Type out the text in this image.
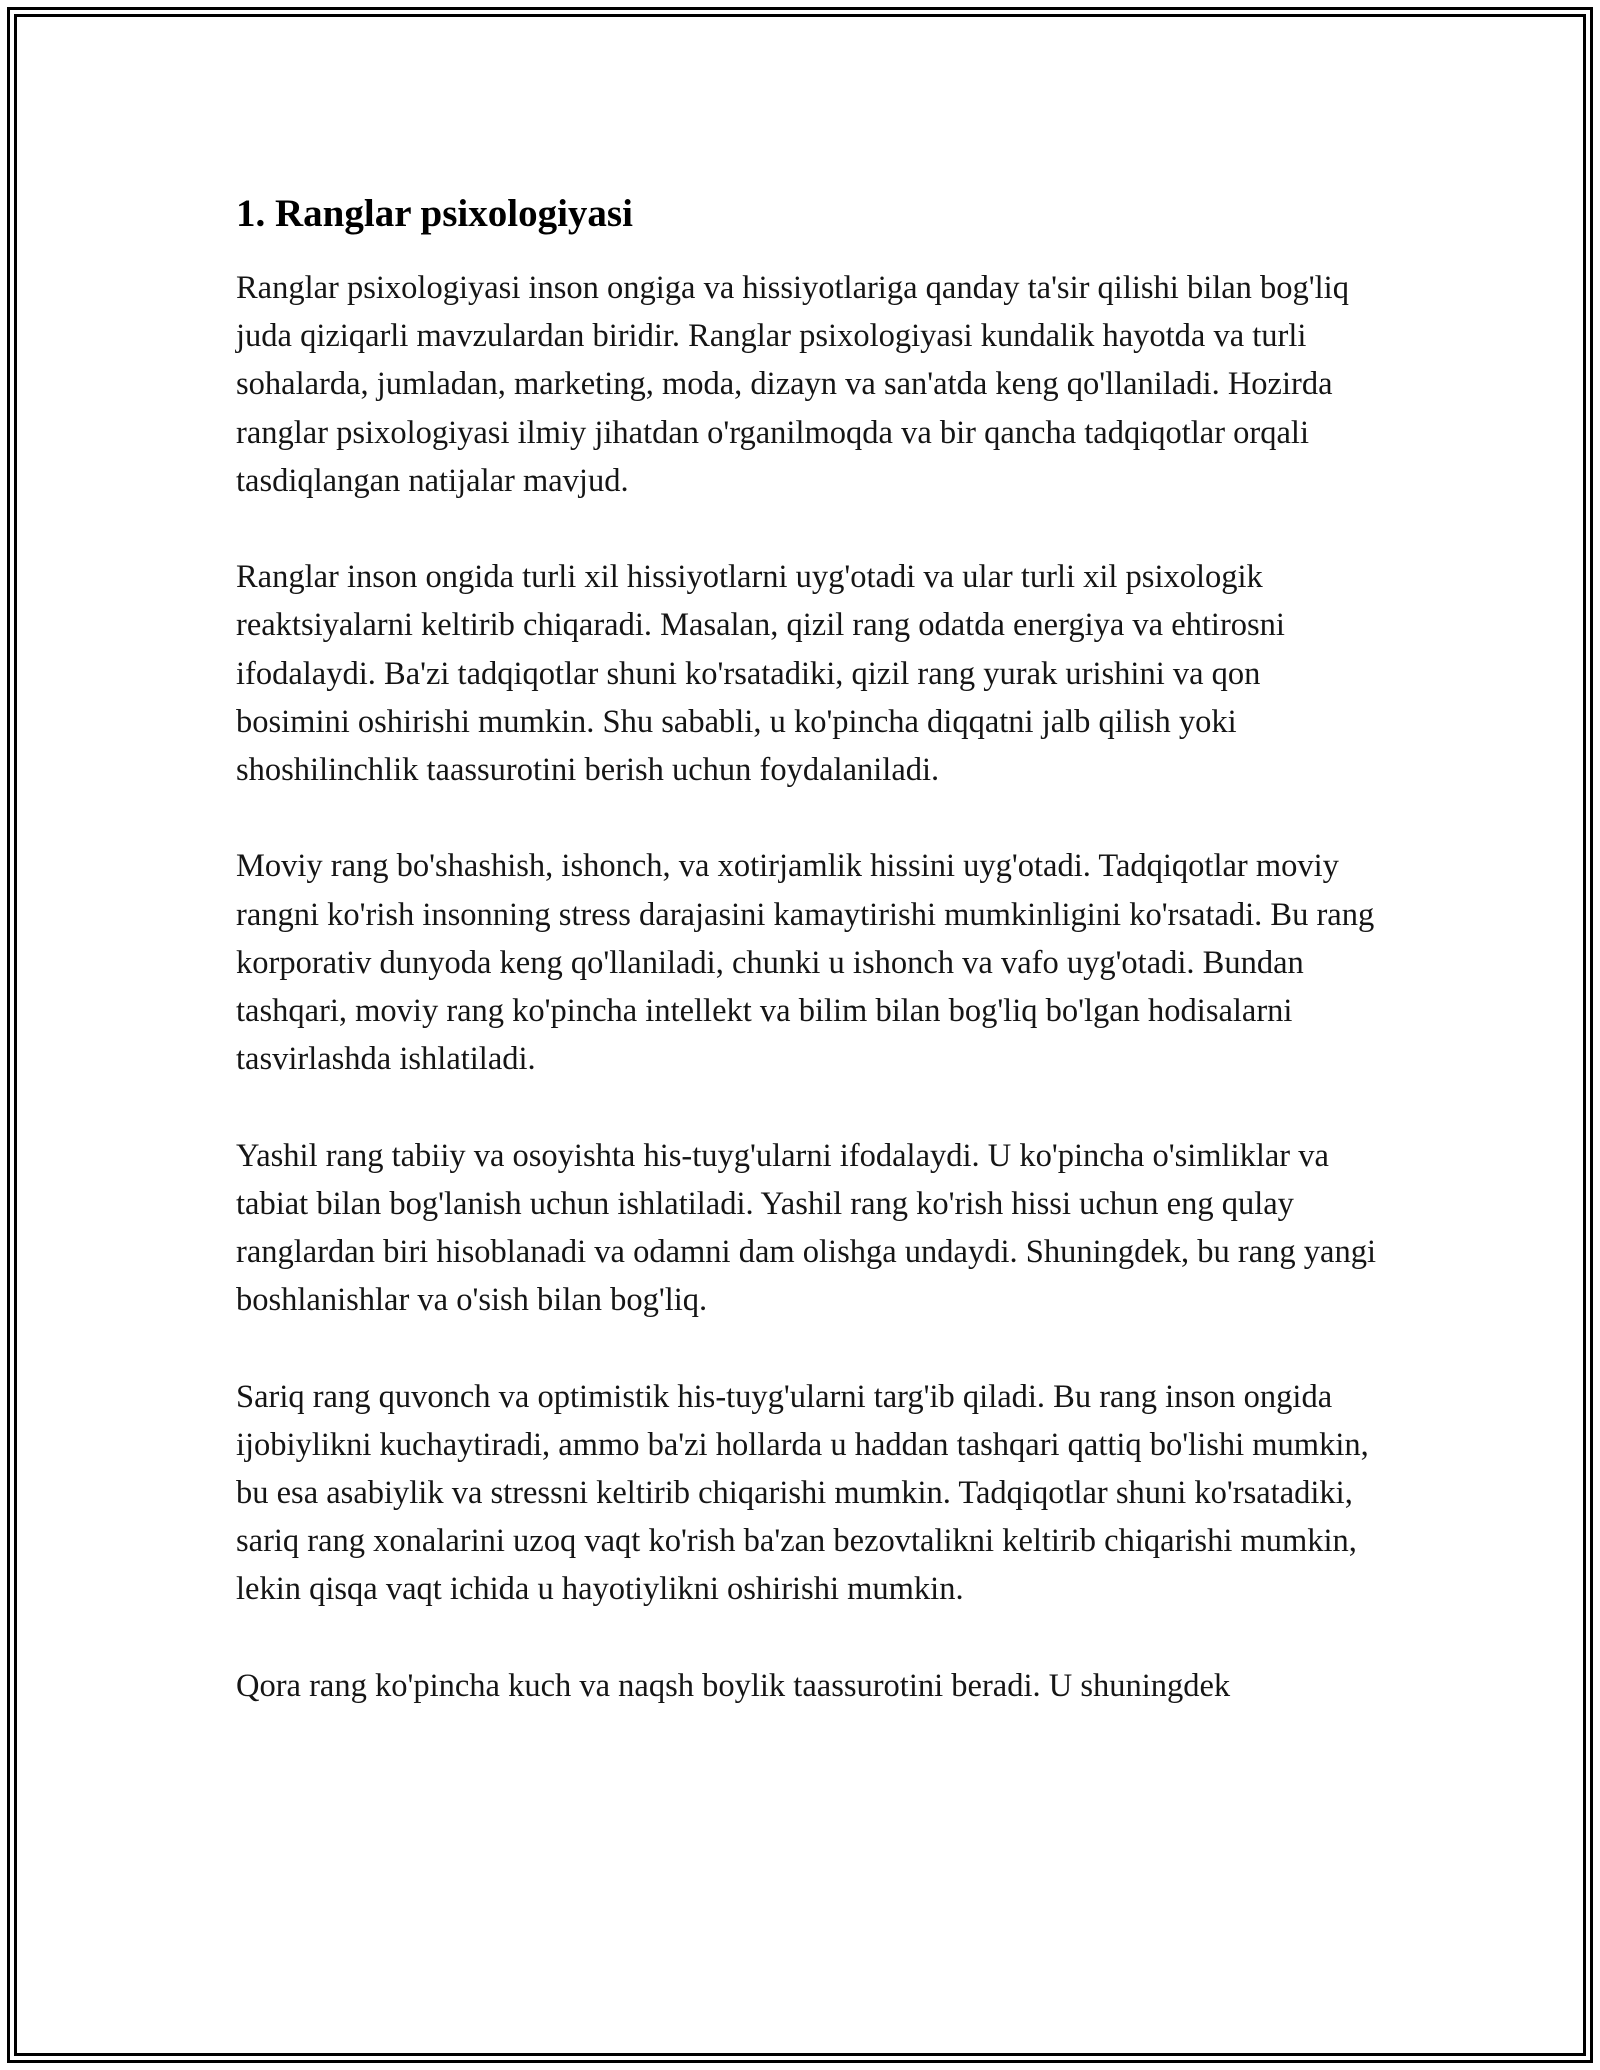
1. Ranglar psixologiyasi

Ranglar psixologiyasi inson ongiga va hissiyotlariga qanday ta'sir qilishi bilan bog'liq juda qiziqarli mavzulardan biridir. Ranglar psixologiyasi kundalik hayotda va turli sohalarda, jumladan, marketing, moda, dizayn va san'atda keng qo'llaniladi. Hozirda ranglar psixologiyasi ilmiy jihatdan o'rganilmoqda va bir qancha tadqiqotlar orqali tasdiqlangan natijalar mavjud.

Ranglar inson ongida turli xil hissiyotlarni uyg'otadi va ular turli xil psixologik reaktsiyalarni keltirib chiqaradi. Masalan, qizil rang odatda energiya va ehtirosni ifodalaydi. Ba'zi tadqiqotlar shuni ko'rsatadiki, qizil rang yurak urishini va qon bosimini oshirishi mumkin. Shu sababli, u ko'pincha diqqatni jalb qilish yoki shoshilinchlik taassurotini berish uchun foydalaniladi.

Moviy rang bo'shashish, ishonch, va xotirjamlik hissini uyg'otadi. Tadqiqotlar moviy rangni ko'rish insonning stress darajasini kamaytirishi mumkinligini ko'rsatadi. Bu rang korporativ dunyoda keng qo'llaniladi, chunki u ishonch va vafo uyg'otadi. Bundan tashqari, moviy rang ko'pincha intellekt va bilim bilan bog'liq bo'lgan hodisalarni tasvirlashda ishlatiladi.

Yashil rang tabiiy va osoyishta his-tuyg'ularni ifodalaydi. U ko'pincha o'simliklar va tabiat bilan bog'lanish uchun ishlatiladi. Yashil rang ko'rish hissi uchun eng qulay ranglardan biri hisoblanadi va odamni dam olishga undaydi. Shuningdek, bu rang yangi boshlanishlar va o'sish bilan bog'liq.

Sariq rang quvonch va optimistik his-tuyg'ularni targ'ib qiladi. Bu rang inson ongida ijobiylikni kuchaytiradi, ammo ba'zi hollarda u haddan tashqari qattiq bo'lishi mumkin, bu esa asabiylik va stressni keltirib chiqarishi mumkin. Tadqiqotlar shuni ko'rsatadiki, sariq rang xonalarini uzoq vaqt ko'rish ba'zan bezovtalikni keltirib chiqarishi mumkin, lekin qisqa vaqt ichida u hayotiylikni oshirishi mumkin.

Qora rang ko'pincha kuch va naqsh boylik taassurotini beradi. U shuningdek
